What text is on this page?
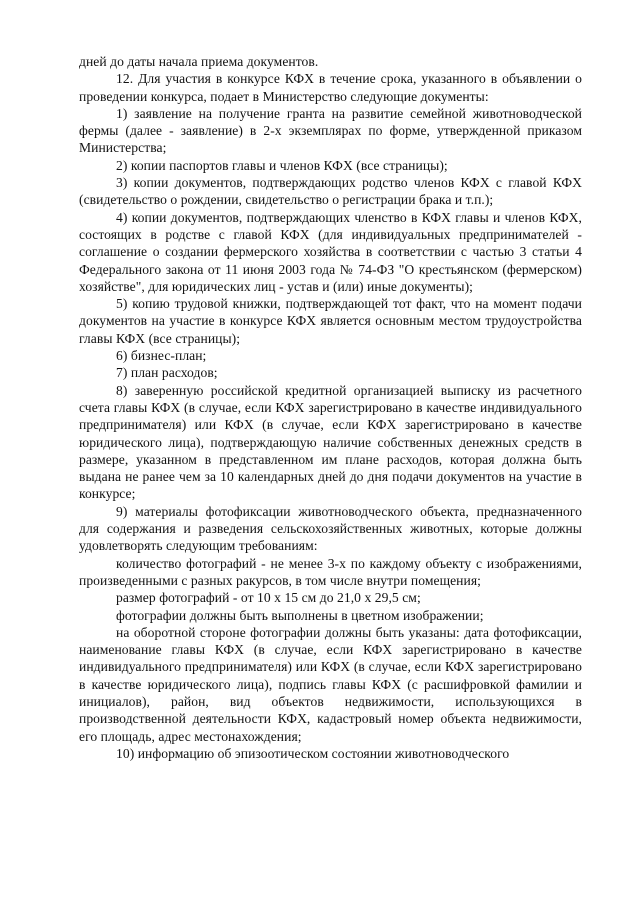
дней до даты начала приема документов.

12. Для участия в конкурсе КФХ в течение срока, указанного в объявлении о проведении конкурса, подает в Министерство следующие документы:

1) заявление на получение гранта на развитие семейной животноводческой фермы (далее - заявление) в 2-х экземплярах по форме, утвержденной приказом Министерства;

2) копии паспортов главы и членов КФХ (все страницы);

3) копии документов, подтверждающих родство членов КФХ с главой КФХ (свидетельство о рождении, свидетельство о регистрации брака и т.п.);

4) копии документов, подтверждающих членство в КФХ главы и членов КФХ, состоящих в родстве с главой КФХ (для индивидуальных предпринимателей - соглашение о создании фермерского хозяйства в соответствии с частью 3 статьи 4 Федерального закона от 11 июня 2003 года № 74-ФЗ "О крестьянском (фермерском) хозяйстве", для юридических лиц - устав и (или) иные документы);

5) копию трудовой книжки, подтверждающей тот факт, что на момент подачи документов на участие в конкурсе КФХ является основным местом трудоустройства главы КФХ (все страницы);

6) бизнес-план;

7) план расходов;

8) заверенную российской кредитной организацией выписку из расчетного счета главы КФХ (в случае, если КФХ зарегистрировано в качестве индивидуального предпринимателя) или КФХ (в случае, если КФХ зарегистрировано в качестве юридического лица), подтверждающую наличие собственных денежных средств в размере, указанном в представленном им плане расходов, которая должна быть выдана не ранее чем за 10 календарных дней до дня подачи документов на участие в конкурсе;

9) материалы фотофиксации животноводческого объекта, предназначенного для содержания и разведения сельскохозяйственных животных, которые должны удовлетворять следующим требованиям:

количество фотографий - не менее 3-х по каждому объекту с изображениями, произведенными с разных ракурсов, в том числе внутри помещения;

размер фотографий - от 10 x 15 см до 21,0 x 29,5 см;

фотографии должны быть выполнены в цветном изображении;

на оборотной стороне фотографии должны быть указаны: дата фотофиксации, наименование главы КФХ (в случае, если КФХ зарегистрировано в качестве индивидуального предпринимателя) или КФХ (в случае, если КФХ зарегистрировано в качестве юридического лица), подпись главы КФХ (с расшифровкой фамилии и инициалов), район, вид объектов недвижимости, использующихся в производственной деятельности КФХ, кадастровый номер объекта недвижимости, его площадь, адрес местонахождения;

10) информацию об эпизоотическом состоянии животноводческого
